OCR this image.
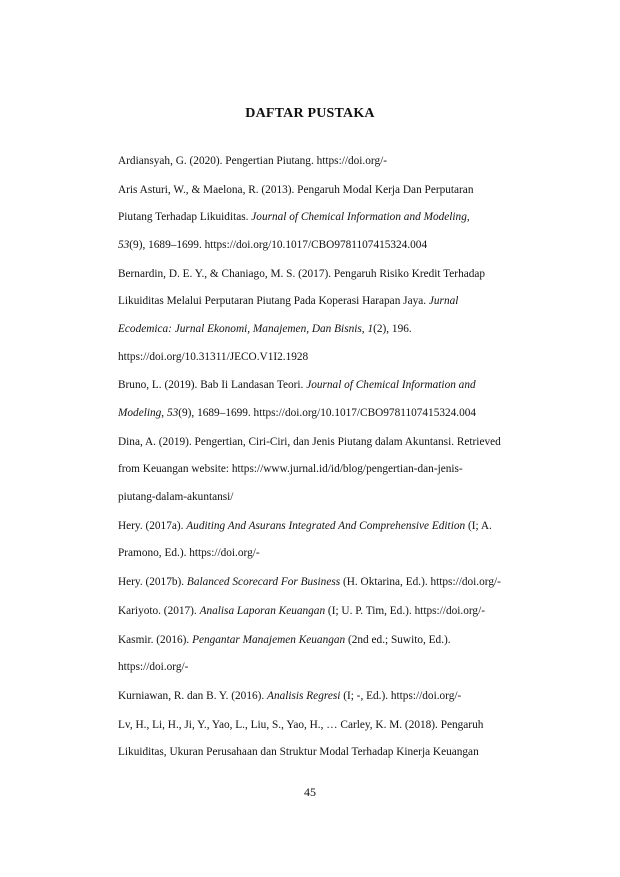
DAFTAR PUSTAKA
Ardiansyah, G. (2020). Pengertian Piutang. https://doi.org/-
Aris Asturi, W., & Maelona, R. (2013). Pengaruh Modal Kerja Dan Perputaran
Piutang Terhadap Likuiditas. Journal of Chemical Information and Modeling,
53(9), 1689–1699. https://doi.org/10.1017/CBO9781107415324.004
Bernardin, D. E. Y., & Chaniago, M. S. (2017). Pengaruh Risiko Kredit Terhadap
Likuiditas Melalui Perputaran Piutang Pada Koperasi Harapan Jaya. Jurnal
Ecodemica: Jurnal Ekonomi, Manajemen, Dan Bisnis, 1(2), 196.
https://doi.org/10.31311/JECO.V1I2.1928
Bruno, L. (2019). Bab Ii Landasan Teori. Journal of Chemical Information and
Modeling, 53(9), 1689–1699. https://doi.org/10.1017/CBO9781107415324.004
Dina, A. (2019). Pengertian, Ciri-Ciri, dan Jenis Piutang dalam Akuntansi. Retrieved
from Keuangan website: https://www.jurnal.id/id/blog/pengertian-dan-jenis-
piutang-dalam-akuntansi/
Hery. (2017a). Auditing And Asurans Integrated And Comprehensive Edition (I; A.
Pramono, Ed.). https://doi.org/-
Hery. (2017b). Balanced Scorecard For Business (H. Oktarina, Ed.). https://doi.org/-
Kariyoto. (2017). Analisa Laporan Keuangan (I; U. P. Tim, Ed.). https://doi.org/-
Kasmir. (2016). Pengantar Manajemen Keuangan (2nd ed.; Suwito, Ed.).
https://doi.org/-
Kurniawan, R. dan B. Y. (2016). Analisis Regresi (I; -, Ed.). https://doi.org/-
Lv, H., Li, H., Ji, Y., Yao, L., Liu, S., Yao, H., … Carley, K. M. (2018). Pengaruh
Likuiditas, Ukuran Perusahaan dan Struktur Modal Terhadap Kinerja Keuangan
45
